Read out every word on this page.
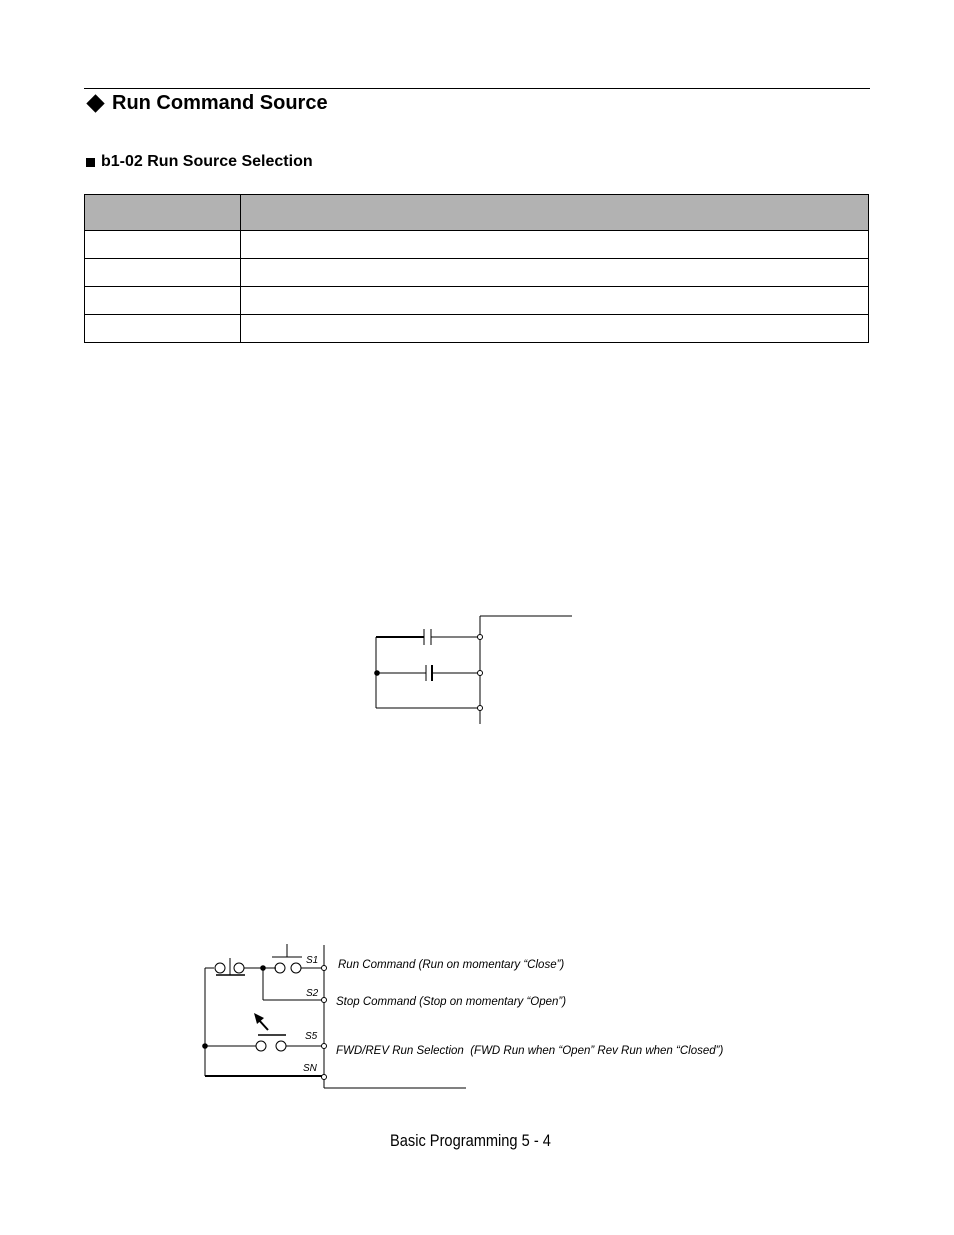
Run Command Source
b1-02 Run Source Selection

S1
S2
S5
SN
Run Command (Run on momentary “Close”)
Stop Command (Stop on momentary “Open”)
FWD/REV Run Selection  (FWD Run when “Open” Rev Run when “Closed”)
Basic Programming 5 - 4
